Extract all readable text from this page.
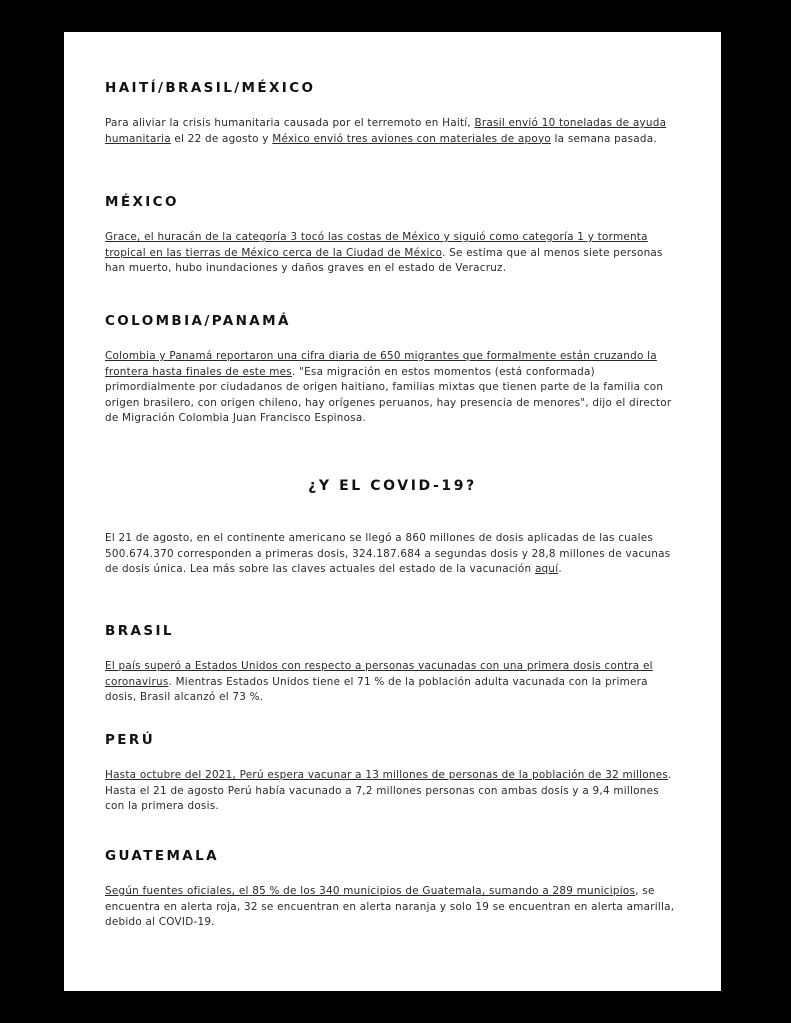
HAITÍ/BRASIL/MÉXICO

Para aliviar la crisis humanitaria causada por el terremoto en Haití, Brasil envió 10 toneladas de ayuda humanitaria el 22 de agosto y México envió tres aviones con materiales de apoyo la semana pasada.

MÉXICO

Grace, el huracán de la categoría 3 tocó las costas de México y siguió como categoría 1 y tormenta tropical en las tierras de México cerca de la Ciudad de México. Se estima que al menos siete personas han muerto, hubo inundaciones y daños graves en el estado de Veracruz.

COLOMBIA/PANAMÁ

Colombia y Panamá reportaron una cifra diaria de 650 migrantes que formalmente están cruzando la frontera hasta finales de este mes. "Esa migración en estos momentos (está conformada) primordialmente por ciudadanos de origen haitiano, familias mixtas que tienen parte de la familia con origen brasilero, con origen chileno, hay orígenes peruanos, hay presencia de menores", dijo el director de Migración Colombia Juan Francisco Espinosa.

¿Y EL COVID-19?

El 21 de agosto, en el continente americano se llegó a 860 millones de dosis aplicadas de las cuales 500.674.370 corresponden a primeras dosis, 324.187.684 a segundas dosis y 28,8 millones de vacunas de dosis única. Lea más sobre las claves actuales del estado de la vacunación aquí.

BRASIL

El país superó a Estados Unidos con respecto a personas vacunadas con una primera dosis contra el coronavirus. Mientras Estados Unidos tiene el 71 % de la población adulta vacunada con la primera dosis, Brasil alcanzó el 73 %.

PERÚ

Hasta octubre del 2021, Perú espera vacunar a 13 millones de personas de la población de 32 millones. Hasta el 21 de agosto Perú había vacunado a 7,2 millones personas con ambas dosis y a 9,4 millones con la primera dosis.

GUATEMALA

Según fuentes oficiales, el 85 % de los 340 municipios de Guatemala, sumando a 289 municipios, se encuentra en alerta roja, 32 se encuentran en alerta naranja y solo 19 se encuentran en alerta amarilla, debido al COVID-19.
